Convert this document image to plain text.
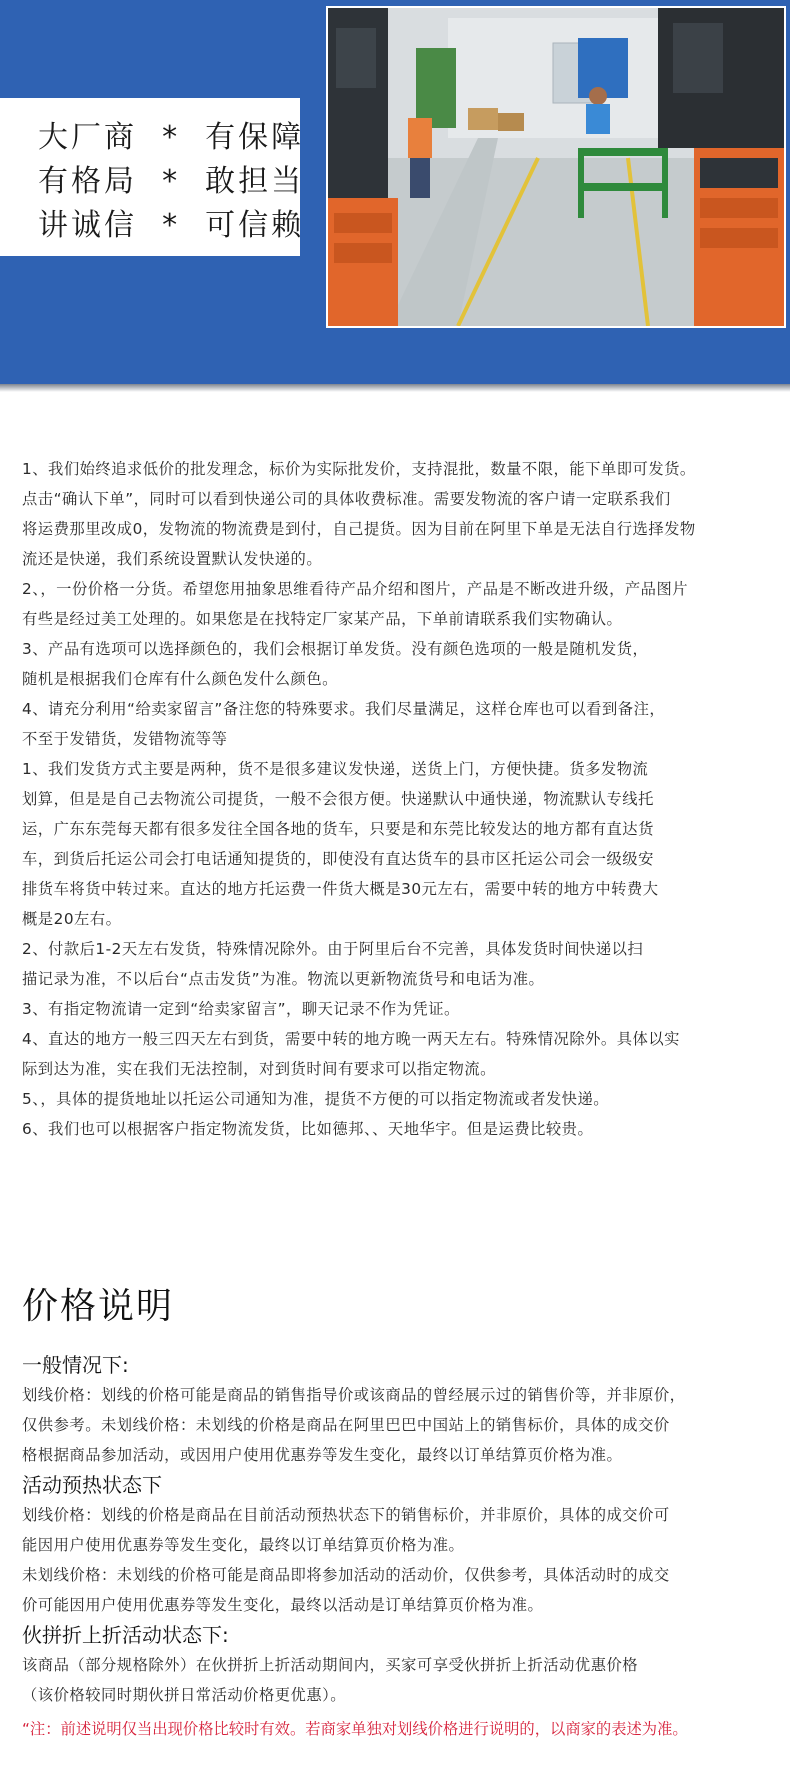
大厂商  *  有保障
有格局  *  敢担当
讲诚信  *  可信赖

1、我们始终追求低价的批发理念，标价为实际批发价，支持混批，数量不限，能下单即可发货。

点击“确认下单”，同时可以看到快递公司的具体收费标准。需要发物流的客户请一定联系我们

将运费那里改成0，发物流的物流费是到付，自己提货。因为目前在阿里下单是无法自行选择发物

流还是快递，我们系统设置默认发快递的。

2、，一份价格一分货。希望您用抽象思维看待产品介绍和图片，产品是不断改进升级，产品图片

有些是经过美工处理的。如果您是在找特定厂家某产品，下单前请联系我们实物确认。

3、产品有选项可以选择颜色的，我们会根据订单发货。没有颜色选项的一般是随机发货，

随机是根据我们仓库有什么颜色发什么颜色。

4、请充分利用“给卖家留言”备注您的特殊要求。我们尽量满足，这样仓库也可以看到备注，

不至于发错货，发错物流等等

1、我们发货方式主要是两种，货不是很多建议发快递，送货上门，方便快捷。货多发物流

划算，但是是自己去物流公司提货，一般不会很方便。快递默认中通快递，物流默认专线托

运，广东东莞每天都有很多发往全国各地的货车，只要是和东莞比较发达的地方都有直达货

车，到货后托运公司会打电话通知提货的，即使没有直达货车的县市区托运公司会一级级安

排货车将货中转过来。直达的地方托运费一件货大概是30元左右，需要中转的地方中转费大

概是20左右。

2、付款后1-2天左右发货，特殊情况除外。由于阿里后台不完善，具体发货时间快递以扫

描记录为准，不以后台“点击发货”为准。物流以更新物流货号和电话为准。

3、有指定物流请一定到“给卖家留言”，聊天记录不作为凭证。

4、直达的地方一般三四天左右到货，需要中转的地方晚一两天左右。特殊情况除外。具体以实

际到达为准，实在我们无法控制，对到货时间有要求可以指定物流。

5、，具体的提货地址以托运公司通知为准，提货不方便的可以指定物流或者发快递。

6、我们也可以根据客户指定物流发货，比如德邦、、天地华宇。但是运费比较贵。

价格说明

一般情况下:

划线价格：划线的价格可能是商品的销售指导价或该商品的曾经展示过的销售价等，并非原价，

仅供参考。未划线价格：未划线的价格是商品在阿里巴巴中国站上的销售标价，具体的成交价

格根据商品参加活动，或因用户使用优惠券等发生变化，最终以订单结算页价格为准。

活动预热状态下

划线价格：划线的价格是商品在目前活动预热状态下的销售标价，并非原价，具体的成交价可

能因用户使用优惠券等发生变化，最终以订单结算页价格为准。

未划线价格：未划线的价格可能是商品即将参加活动的活动价，仅供参考，具体活动时的成交

价可能因用户使用优惠券等发生变化，最终以活动是订单结算页价格为准。

伙拼折上折活动状态下:

该商品（部分规格除外）在伙拼折上折活动期间内，买家可享受伙拼折上折活动优惠价格

（该价格较同时期伙拼日常活动价格更优惠）。

“注：前述说明仅当出现价格比较时有效。若商家单独对划线价格进行说明的，以商家的表述为准。
